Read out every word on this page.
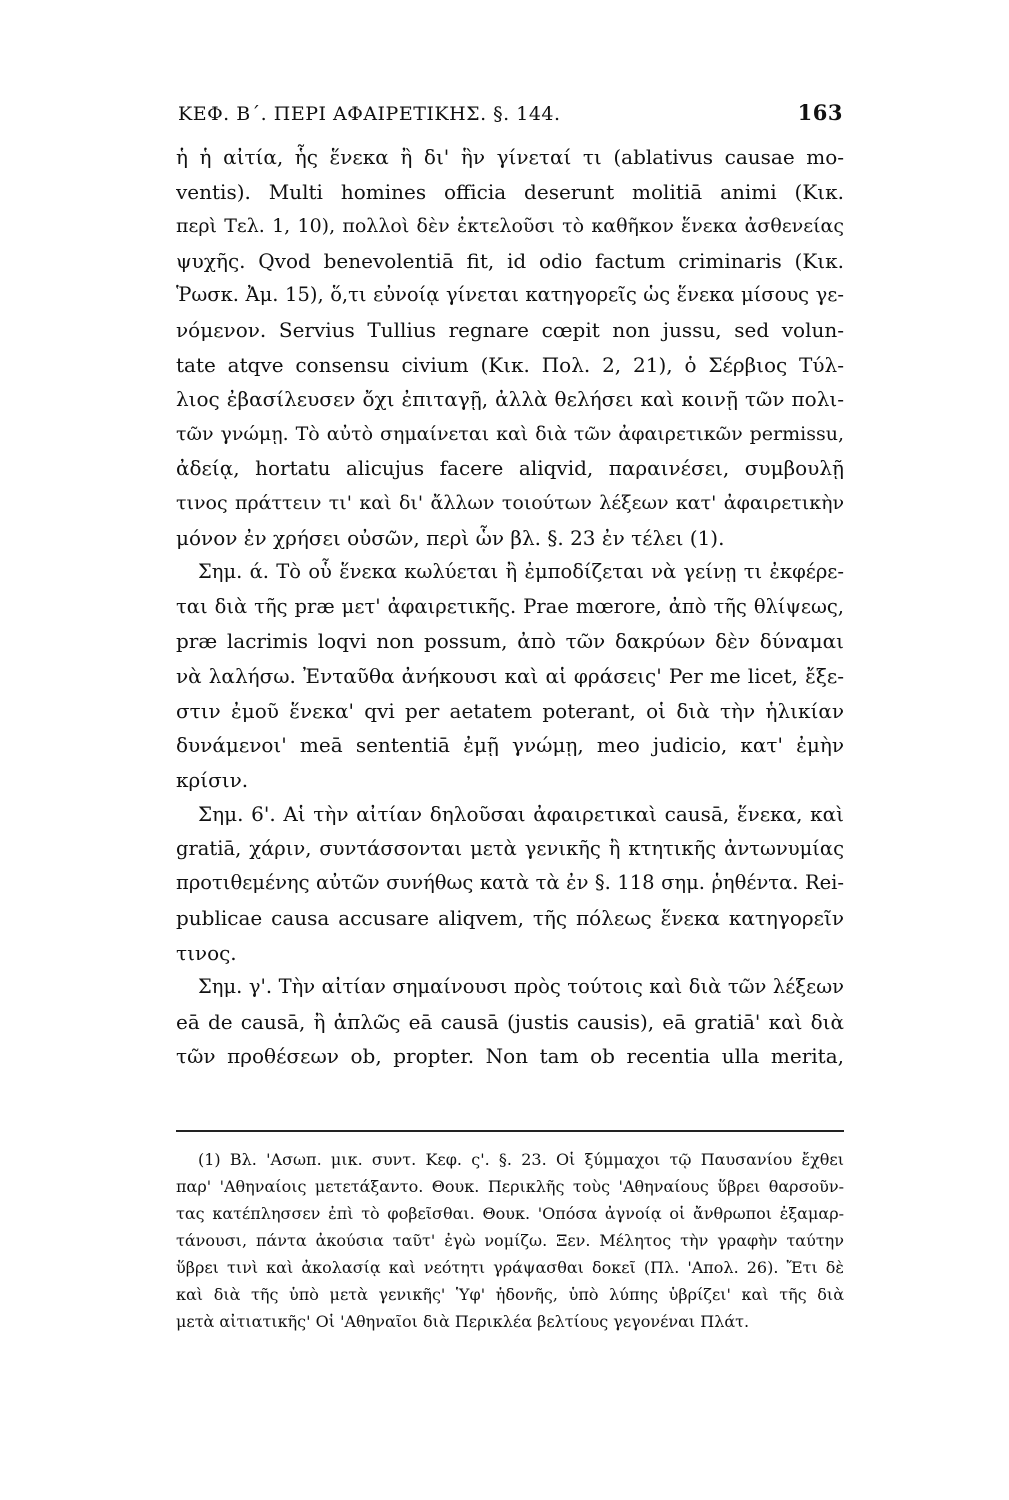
ΚΕΦ. Β΄. ΠΕΡΙ ΑΦΑΙΡΕΤΙΚΗΣ. §. 144.	163
ἡ ἡ αἰτία, ἧς ἕνεκα ἢ δι' ἣν γίνεταί τι (ablativus causae mo-
ventis). Multi homines officia deserunt molitiā animi (Κικ.
περὶ Τελ. 1, 10), πολλοὶ δὲν ἐκτελοῦσι τὸ καθῆκον ἕνεκα ἀσθενείας
ψυχῆς. Qvod benevolentiā fit, id odio factum criminaris (Κικ.
Ῥωσκ. Ἀμ. 15), ὅ,τι εὐνοίᾳ γίνεται κατηγορεῖς ὡς ἕνεκα μίσους γε-
νόμενον. Servius Tullius regnare cœpit non jussu, sed volun-
tate atqve consensu civium (Κικ. Πολ. 2, 21), ὁ Σέρβιος Τύλ-
λιος ἐβασίλευσεν ὄχι ἐπιταγῇ, ἀλλὰ θελήσει καὶ κοινῇ τῶν πολι-
τῶν γνώμῃ. Τὸ αὐτὸ σημαίνεται καὶ διὰ τῶν ἀφαιρετικῶν permissu,
ἀδείᾳ, hortatu alicujus facere aliqvid, παραινέσει, συμβουλῇ
τινος πράττειν τι' καὶ δι' ἄλλων τοιούτων λέξεων κατ' ἀφαιρετικὴν
μόνον ἐν χρήσει οὐσῶν, περὶ ὧν βλ. §. 23 ἐν τέλει (1).
Σημ. ά. Τὸ οὗ ἕνεκα κωλύεται ἢ ἐμποδίζεται νὰ γείνῃ τι ἐκφέρε-
ται διὰ τῆς præ μετ' ἀφαιρετικῆς. Prae mœrore, ἀπὸ τῆς θλίψεως,
præ lacrimis loqvi non possum, ἀπὸ τῶν δακρύων δὲν δύναμαι
νὰ λαλήσω. Ἐνταῦθα ἀνήκουσι καὶ αἱ φράσεις' Per me licet, ἔξε-
στιν ἐμοῦ ἕνεκα' qvi per aetatem poterant, οἱ διὰ τὴν ἡλικίαν
δυνάμενοι' meā sententiā ἐμῇ γνώμῃ, meo judicio, κατ' ἐμὴν
κρίσιν.
Σημ. 6'. Αἱ τὴν αἰτίαν δηλοῦσαι ἀφαιρετικαὶ causā, ἕνεκα, καὶ
gratiā, χάριν, συντάσσονται μετὰ γενικῆς ἢ κτητικῆς ἀντωνυμίας
προτιθεμένης αὐτῶν συνήθως κατὰ τὰ ἐν §. 118 σημ. ῥηθέντα. Rei-
publicae causa accusare aliqvem, τῆς πόλεως ἕνεκα κατηγορεῖν
τινος.
Σημ. γ'. Τὴν αἰτίαν σημαίνουσι πρὸς τούτοις καὶ διὰ τῶν λέξεων
eā de causā, ἢ ἁπλῶς eā causā (justis causis), eā gratiā' καὶ διὰ
τῶν προθέσεων ob, propter. Non tam ob recentia ulla merita,
(1) Βλ. 'Ασωπ. μικ. συντ. Κεφ. ς'. §. 23. Οἱ ξύμμαχοι τῷ Παυσανίου ἔχθει
παρ' 'Αθηναίοις μετετάξαντο. Θουκ. Περικλῆς τοὺς 'Αθηναίους ὕβρει θαρσοῦν-
τας κατέπλησσεν ἐπὶ τὸ φοβεῖσθαι. Θουκ. 'Οπόσα ἀγνοίᾳ οἱ ἄνθρωποι ἐξαμαρ-
τάνουσι, πάντα ἀκούσια ταῦτ' ἐγὼ νομίζω. Ξεν. Μέλητος τὴν γραφὴν ταύτην
ὕβρει τινὶ καὶ ἀκολασίᾳ καὶ νεότητι γράψασθαι δοκεῖ (Πλ. 'Απολ. 26). Ἔτι δὲ
καὶ διὰ τῆς ὑπὸ μετὰ γενικῆς' Ὑφ' ἡδονῆς, ὑπὸ λύπης ὑβρίζει' καὶ τῆς διὰ
μετὰ αἰτιατικῆς' Οἱ 'Αθηναῖοι διὰ Περικλέα βελτίους γεγονέναι Πλάτ.
